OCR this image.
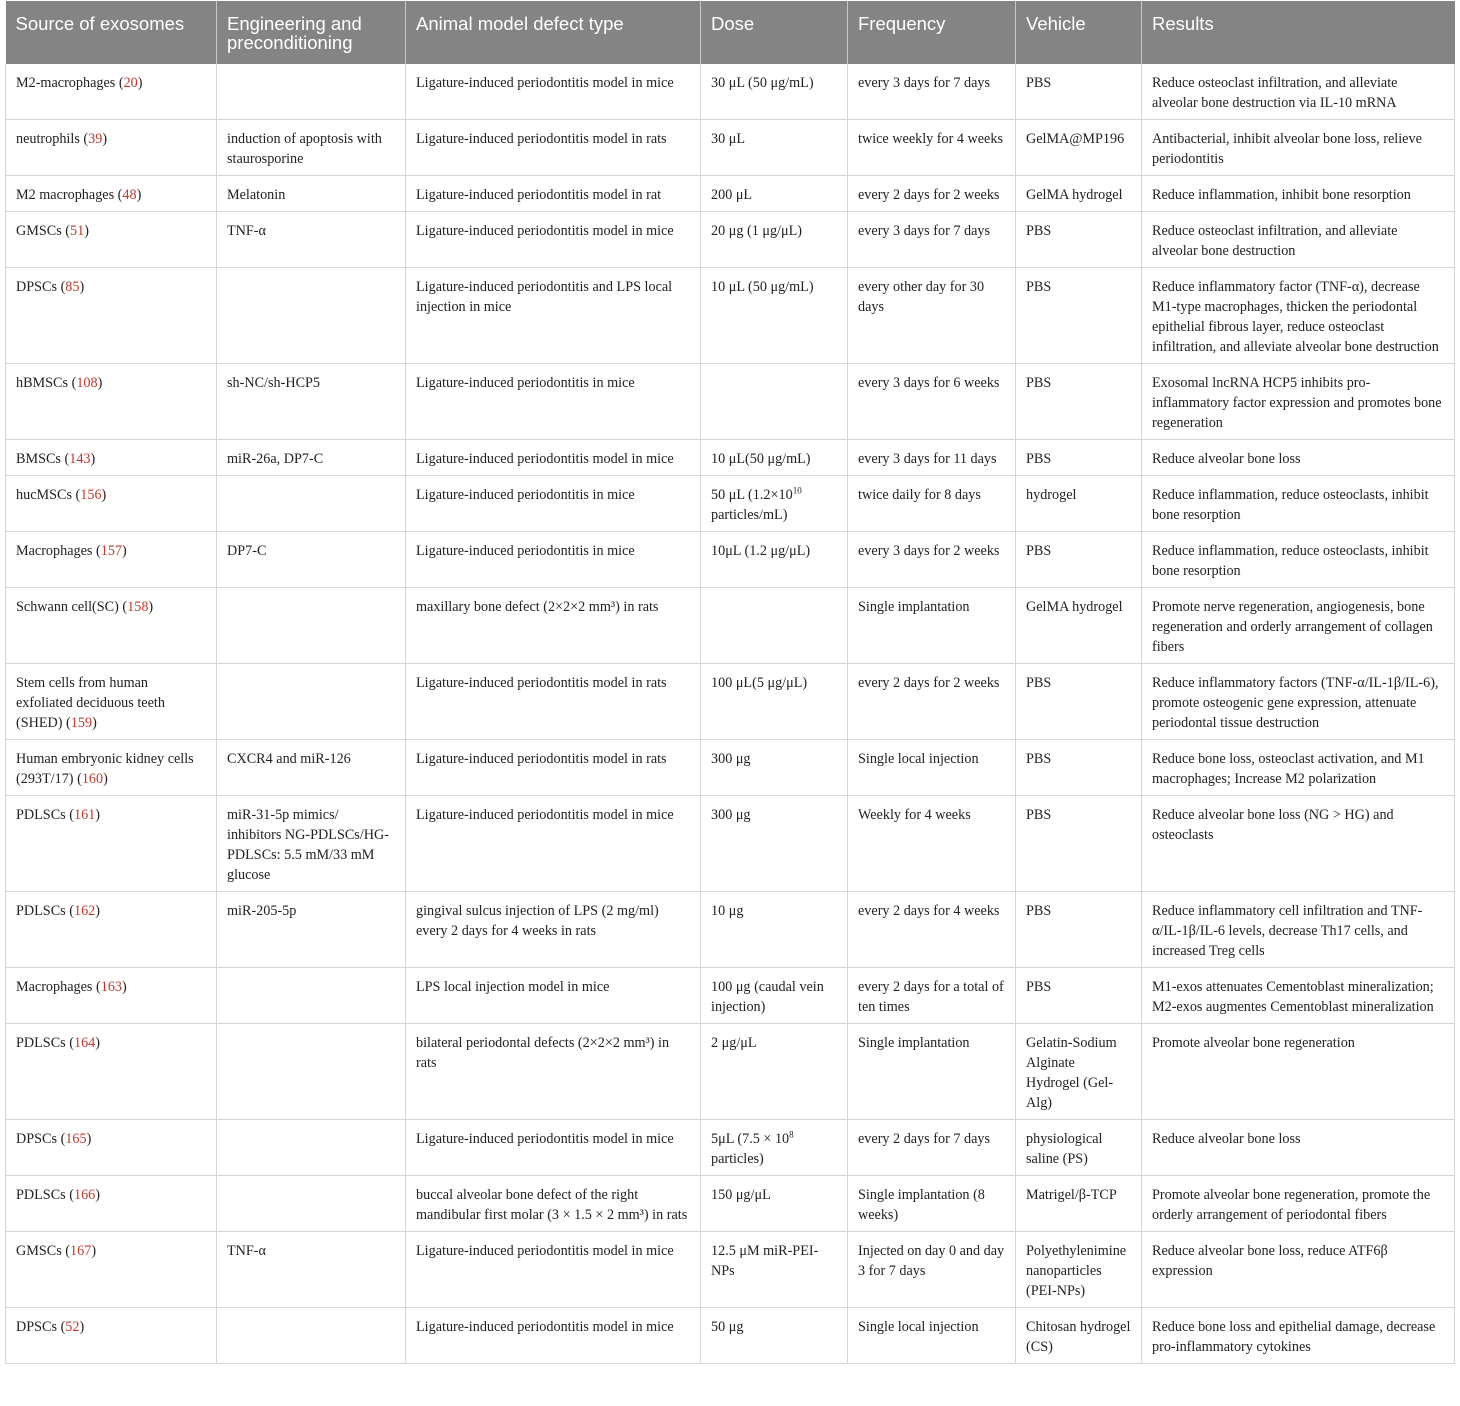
Source of exosomes	Engineering and preconditioning	Animal model defect type	Dose	Frequency	Vehicle	Results
M2-macrophages (20)		Ligature-induced periodontitis model in mice	30 μL (50 μg/mL)	every 3 days for 7 days	PBS	Reduce osteoclast infiltration, and alleviate alveolar bone destruction via IL-10 mRNA
neutrophils (39)	induction of apoptosis with staurosporine	Ligature-induced periodontitis model in rats	30 μL	twice weekly for 4 weeks	GelMA@MP196	Antibacterial, inhibit alveolar bone loss, relieve periodontitis
M2 macrophages (48)	Melatonin	Ligature-induced periodontitis model in rat	200 μL	every 2 days for 2 weeks	GelMA hydrogel	Reduce inflammation, inhibit bone resorption
GMSCs (51)	TNF-α	Ligature-induced periodontitis model in mice	20 μg (1 μg/μL)	every 3 days for 7 days	PBS	Reduce osteoclast infiltration, and alleviate alveolar bone destruction
DPSCs (85)		Ligature-induced periodontitis and LPS local injection in mice	10 μL (50 μg/mL)	every other day for 30 days	PBS	Reduce inflammatory factor (TNF-α), decrease M1-type macrophages, thicken the periodontal epithelial fibrous layer, reduce osteoclast infiltration, and alleviate alveolar bone destruction
hBMSCs (108)	sh-NC/sh-HCP5	Ligature-induced periodontitis in mice		every 3 days for 6 weeks	PBS	Exosomal lncRNA HCP5 inhibits pro-inflammatory factor expression and promotes bone regeneration
BMSCs (143)	miR-26a, DP7-C	Ligature-induced periodontitis model in mice	10 μL(50 μg/mL)	every 3 days for 11 days	PBS	Reduce alveolar bone loss
hucMSCs (156)		Ligature-induced periodontitis in mice	50 μL ($1.2\times 10^{10}$ particles/mL)	twice daily for 8 days	hydrogel	Reduce inflammation, reduce osteoclasts, inhibit bone resorption
Macrophages (157)	DP7-C	Ligature-induced periodontitis in mice	10μL (1.2 μg/μL)	every 3 days for 2 weeks	PBS	Reduce inflammation, reduce osteoclasts, inhibit bone resorption
Schwann cell(SC) (158)		maxillary bone defect (2×2×2 mm³) in rats		Single implantation	GelMA hydrogel	Promote nerve regeneration, angiogenesis, bone regeneration and orderly arrangement of collagen fibers
Stem cells from human exfoliated deciduous teeth (SHED) (159)		Ligature-induced periodontitis model in rats	100 μL(5 μg/μL)	every 2 days for 2 weeks	PBS	Reduce inflammatory factors (TNF-α/IL-1β/IL-6), promote osteogenic gene expression, attenuate periodontal tissue destruction
Human embryonic kidney cells (293T/17) (160)	CXCR4 and miR-126	Ligature-induced periodontitis model in rats	300 μg	Single local injection	PBS	Reduce bone loss, osteoclast activation, and M1 macrophages; Increase M2 polarization
PDLSCs (161)	miR-31-5p mimics/ inhibitors NG-PDLSCs/HG-PDLSCs: 5.5 mM/33 mM glucose	Ligature-induced periodontitis model in mice	300 μg	Weekly for 4 weeks	PBS	Reduce alveolar bone loss (NG > HG) and osteoclasts
PDLSCs (162)	miR-205-5p	gingival sulcus injection of LPS (2 mg/ml) every 2 days for 4 weeks in rats	10 μg	every 2 days for 4 weeks	PBS	Reduce inflammatory cell infiltration and TNF-α/IL-1β/IL-6 levels, decrease Th17 cells, and increased Treg cells
Macrophages (163)		LPS local injection model in mice	100 μg (caudal vein injection)	every 2 days for a total of ten times	PBS	M1-exos attenuates Cementoblast mineralization; M2-exos augmentes Cementoblast mineralization
PDLSCs (164)		bilateral periodontal defects (2×2×2 mm³) in rats	2 μg/μL	Single implantation	Gelatin-Sodium Alginate Hydrogel (Gel-Alg)	Promote alveolar bone regeneration
DPSCs (165)		Ligature-induced periodontitis model in mice	5μL ($7.5 \times 10^8$ particles)	every 2 days for 7 days	physiological saline (PS)	Reduce alveolar bone loss
PDLSCs (166)		buccal alveolar bone defect of the right mandibular first molar (3 × 1.5 × 2 mm³) in rats	150 μg/μL	Single implantation (8 weeks)	Matrigel/β-TCP	Promote alveolar bone regeneration, promote the orderly arrangement of periodontal fibers
GMSCs (167)	TNF-α	Ligature-induced periodontitis model in mice	12.5 μM miR-PEI-NPs	Injected on day 0 and day 3 for 7 days	Polyethylenimine nanoparticles (PEI-NPs)	Reduce alveolar bone loss, reduce ATF6β expression
DPSCs (52)		Ligature-induced periodontitis model in mice	50 μg	Single local injection	Chitosan hydrogel (CS)	Reduce bone loss and epithelial damage, decrease pro-inflammatory cytokines
